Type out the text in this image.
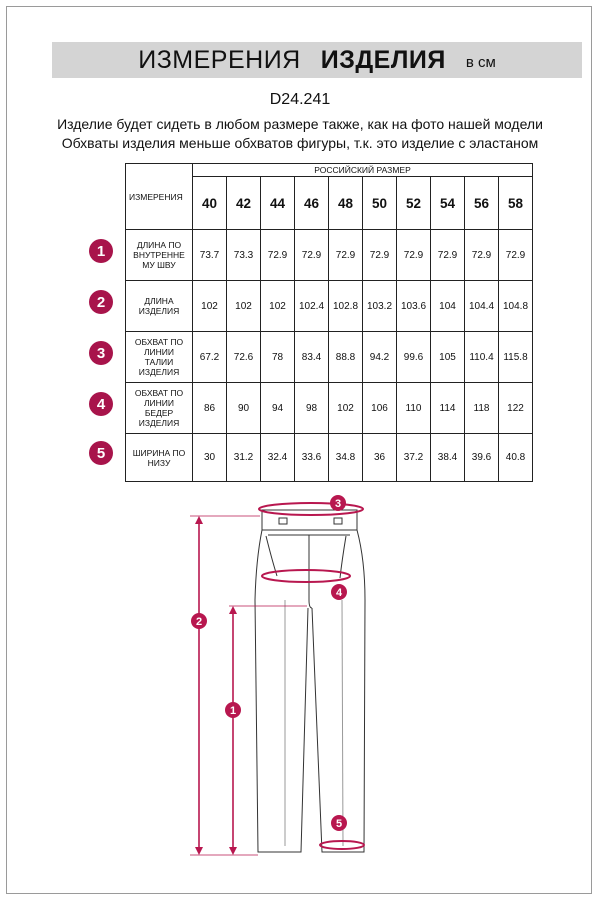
ИЗМЕРЕНИЯ ИЗДЕЛИЯ в см
D24.241
Изделие будет сидеть в любом размере также, как на фото нашей модели
Обхваты изделия меньше обхватов фигуры, т.к. это изделие с эластаном
1
2
3
4
5
ИЗМЕРЕНИЯ	РОССИЙСКИЙ РАЗМЕР									
	40	42	44	46	48	50	52	54	56	58

ДЛИНА ПО
ВНУТРЕННЕ
МУ ШВУ	73.7	73.3	72.9	72.9	72.9	72.9	72.9	72.9	72.9	72.9

ДЛИНА
ИЗДЕЛИЯ	102	102	102	102.4	102.8	103.2	103.6	104	104.4	104.8

ОБХВАТ ПО
ЛИНИИ
ТАЛИИ
ИЗДЕЛИЯ	67.2	72.6	78	83.4	88.8	94.2	99.6	105	110.4	115.8

ОБХВАТ ПО
ЛИНИИ
БЕДЕР
ИЗДЕЛИЯ	86	90	94	98	102	106	110	114	118	122

ШИРИНА ПО
НИЗУ	30	31.2	32.4	33.6	34.8	36	37.2	38.4	39.6	40.8
2
1
3
4
5
